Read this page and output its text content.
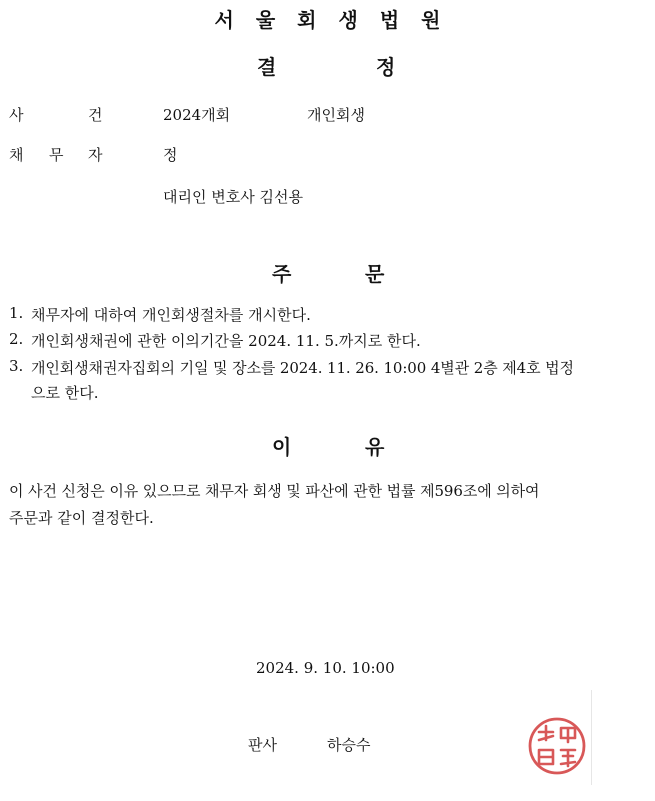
서 울 회 생 법 원
결	정
사	건	2024개회	개인회생
채 무 자	정
대리인 변호사 김선용
주	문
1. 채무자에 대하여 개인회생절차를 개시한다.
2. 개인회생채권에 관한 이의기간을 2024. 11. 5.까지로 한다.
3. 개인회생채권자집회의 기일 및 장소를 2024. 11. 26. 10:00 4별관 2층 제4호 법정
으로 한다.
이	유
이 사건 신청은 이유 있으므로 채무자 회생 및 파산에 관한 법률 제596조에 의하여
주문과 같이 결정한다.
2024. 9. 10. 10:00
판사	하승수
